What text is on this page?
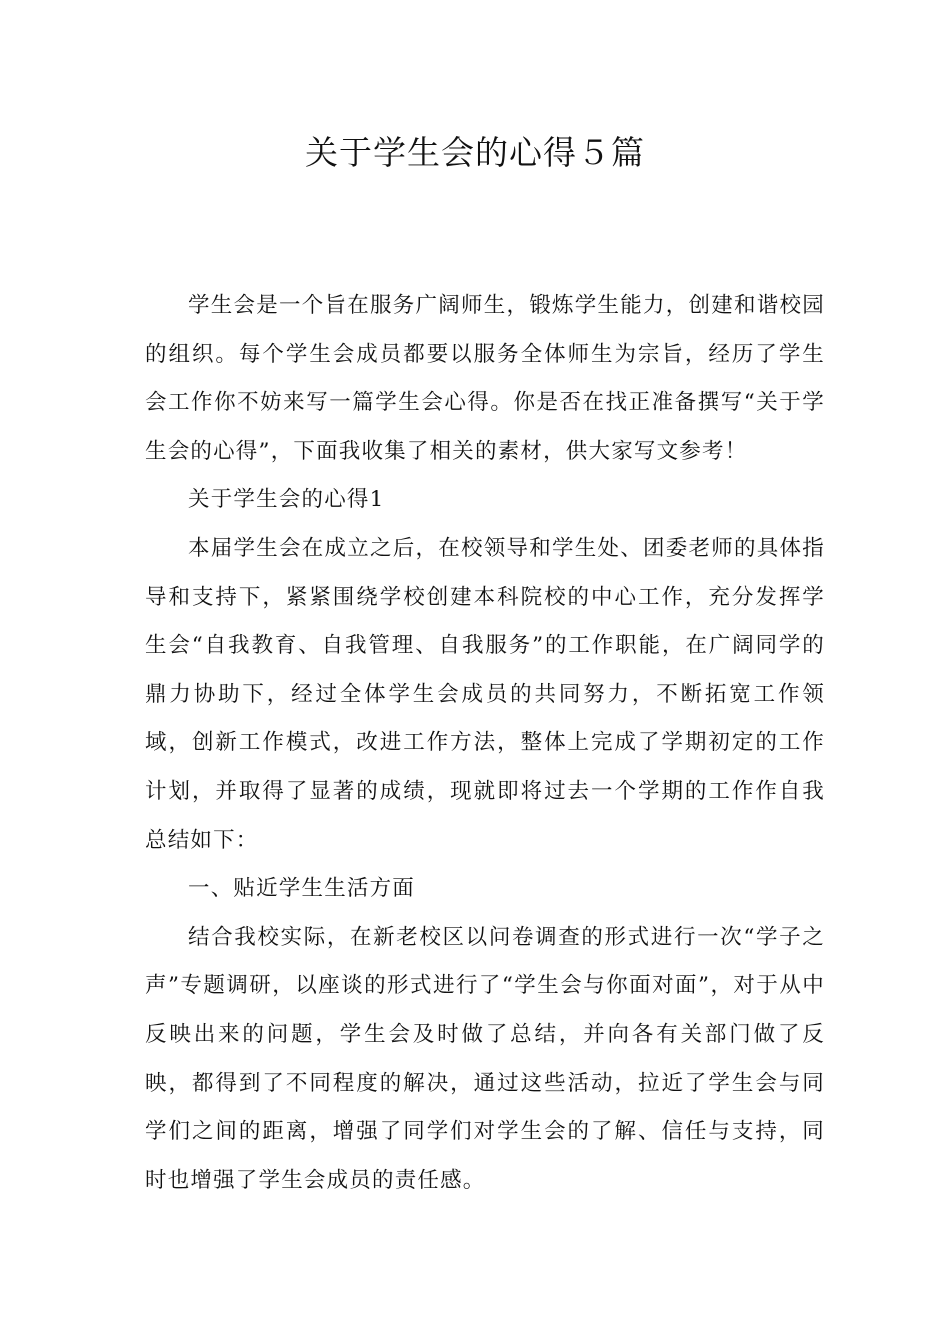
关于学生会的心得５篇

学生会是一个旨在服务广阔师生，锻炼学生能力，创建和谐校园的组织。每个学生会成员都要以服务全体师生为宗旨，经历了学生会工作你不妨来写一篇学生会心得。你是否在找正准备撰写“关于学生会的心得”，下面我收集了相关的素材，供大家写文参考！

关于学生会的心得1

本届学生会在成立之后，在校领导和学生处、团委老师的具体指导和支持下，紧紧围绕学校创建本科院校的中心工作，充分发挥学生会“自我教育、自我管理、自我服务”的工作职能，在广阔同学的鼎力协助下，经过全体学生会成员的共同努力，不断拓宽工作领域，创新工作模式，改进工作方法，整体上完成了学期初定的工作计划，并取得了显著的成绩，现就即将过去一个学期的工作作自我总结如下：

一、贴近学生生活方面

结合我校实际，在新老校区以问卷调查的形式进行一次“学子之声”专题调研，以座谈的形式进行了“学生会与你面对面”，对于从中反映出来的问题，学生会及时做了总结，并向各有关部门做了反映，都得到了不同程度的解决，通过这些活动，拉近了学生会与同学们之间的距离，增强了同学们对学生会的了解、信任与支持，同时也增强了学生会成员的责任感。
